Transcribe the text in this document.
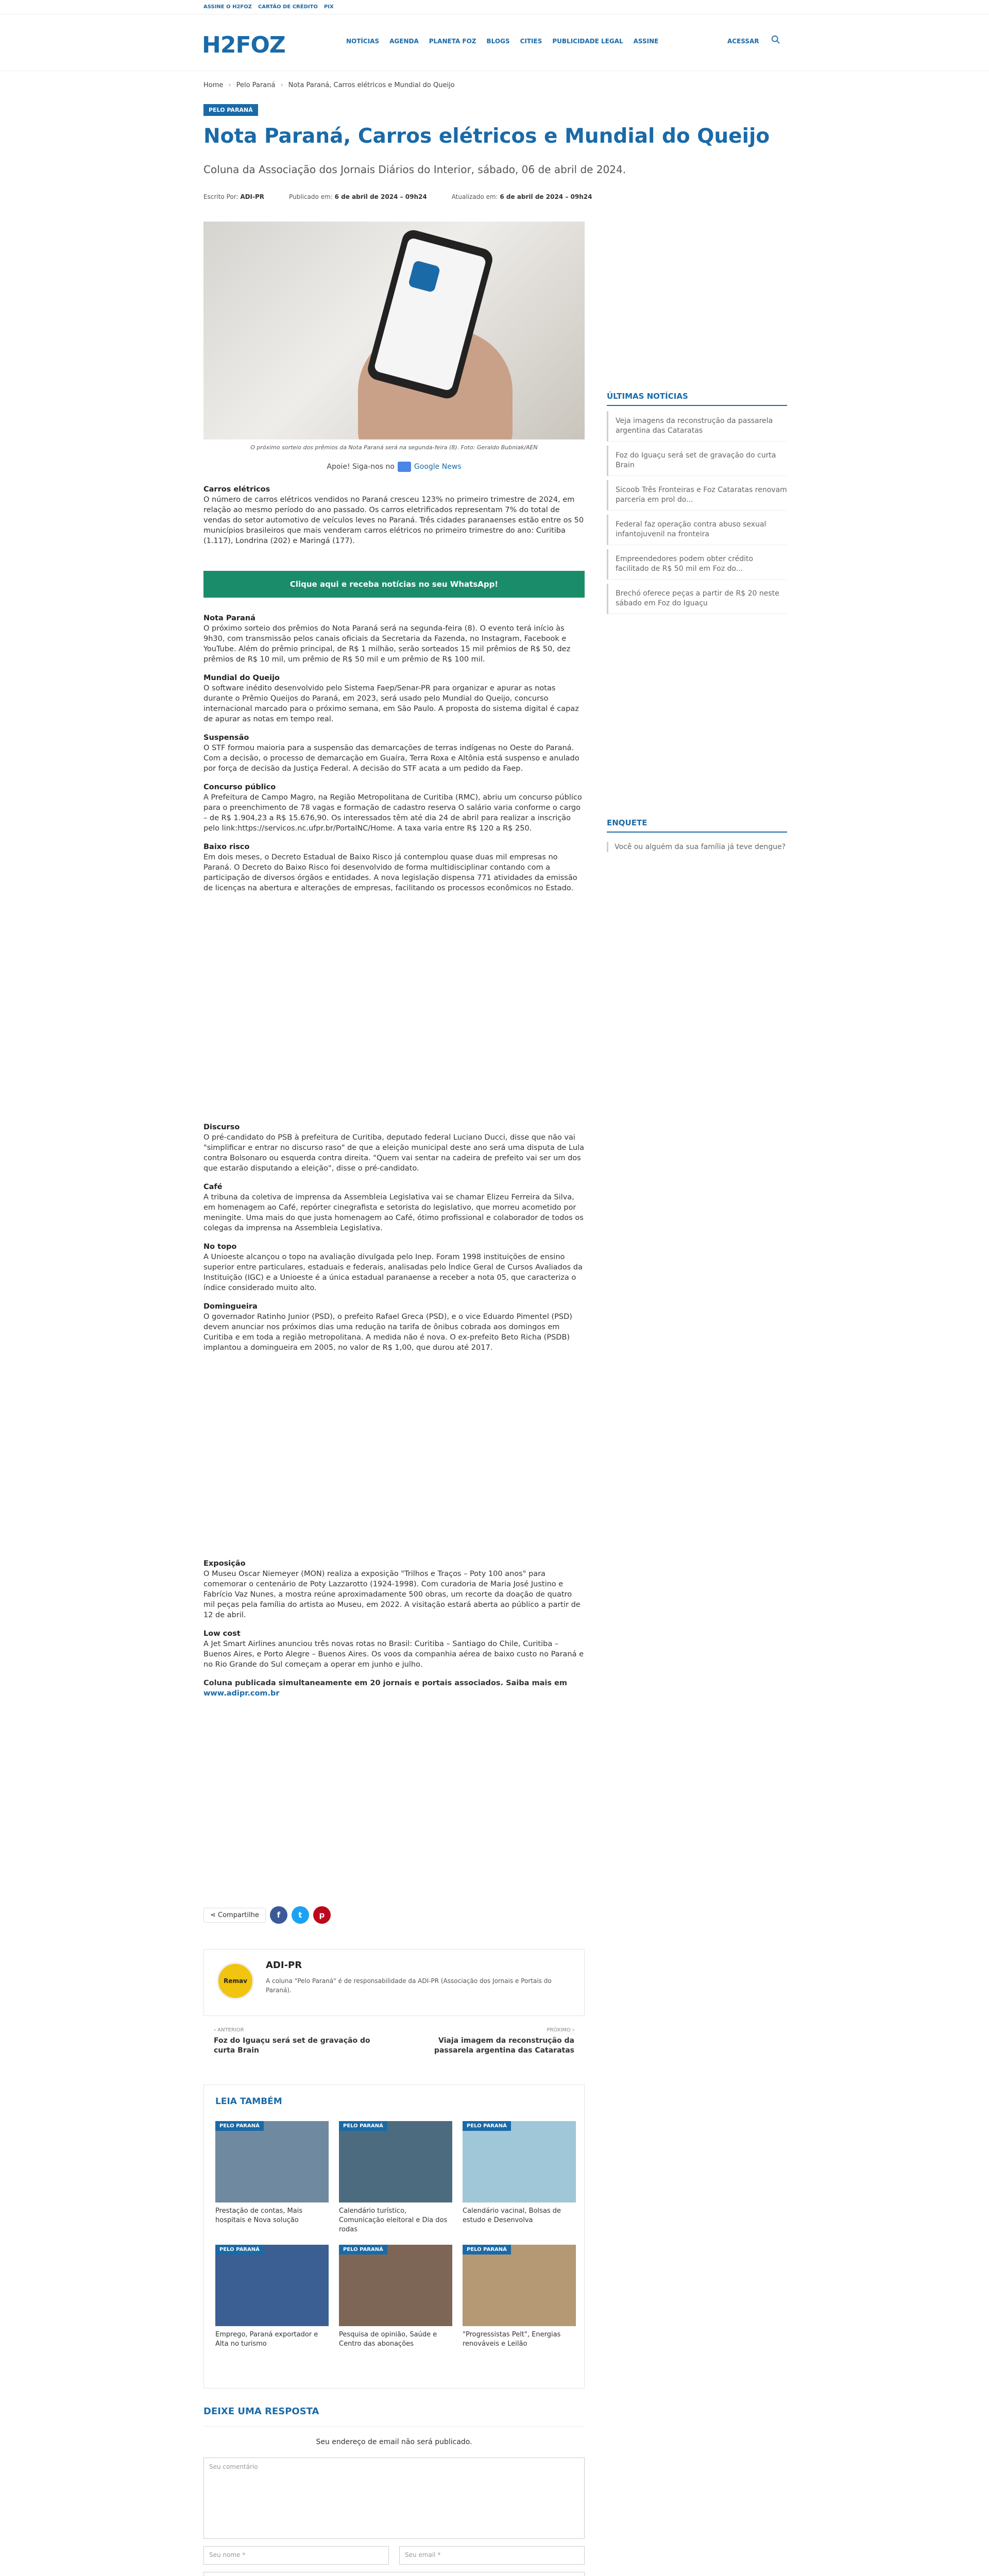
ASSINE O H2FOZ CARTÃO DE CRÉDITO PIX
H2FOZ	NOTÍCIAS AGENDA PLANETA FOZ BLOGS CITIES PUBLICIDADE LEGAL ASSINE	ACESSAR
Home › Pelo Paraná › Nota Paraná, Carros elétricos e Mundial do Queijo
PELO PARANÁ
Nota Paraná, Carros elétricos e Mundial do Queijo
Coluna da Associação dos Jornais Diários do Interior, sábado, 06 de abril de 2024.
Escrito Por: ADI-PR	Publicado em: 6 de abril de 2024 – 09h24	Atualizado em: 6 de abril de 2024 – 09h24
O próximo sorteio dos prêmios da Nota Paraná será na segunda-feira (8). Foto: Geraldo Bubniak/AEN
Apoie! Siga-nos no	Google News
Carros elétricos

O número de carros elétricos vendidos no Paraná cresceu 123% no primeiro trimestre de 2024, em relação ao mesmo período do ano passado. Os carros eletrificados representam 7% do total de vendas do setor automotivo de veículos leves no Paraná. Três cidades paranaenses estão entre os 50 municípios brasileiros que mais venderam carros elétricos no primeiro trimestre do ano: Curitiba (1.117), Londrina (202) e Maringá (177).

Clique aqui e receba notícias no seu WhatsApp!
Nota Paraná

O próximo sorteio dos prêmios do Nota Paraná será na segunda-feira (8). O evento terá início às 9h30, com transmissão pelos canais oficiais da Secretaria da Fazenda, no Instagram, Facebook e YouTube. Além do prêmio principal, de R$ 1 milhão, serão sorteados 15 mil prêmios de R$ 50, dez prêmios de R$ 10 mil, um prêmio de R$ 50 mil e um prêmio de R$ 100 mil.

Mundial do Queijo

O software inédito desenvolvido pelo Sistema Faep/Senar-PR para organizar e apurar as notas durante o Prêmio Queijos do Paraná, em 2023, será usado pelo Mundial do Queijo, concurso internacional marcado para o próximo semana, em São Paulo. A proposta do sistema digital é capaz de apurar as notas em tempo real.

Suspensão

O STF formou maioria para a suspensão das demarcações de terras indígenas no Oeste do Paraná. Com a decisão, o processo de demarcação em Guaíra, Terra Roxa e Altônia está suspenso e anulado por força de decisão da Justiça Federal. A decisão do STF acata a um pedido da Faep.

Concurso público

A Prefeitura de Campo Magro, na Região Metropolitana de Curitiba (RMC), abriu um concurso público para o preenchimento de 78 vagas e formação de cadastro reserva O salário varia conforme o cargo – de R$ 1.904,23 a R$ 15.676,90. Os interessados têm até dia 24 de abril para realizar a inscrição pelo link:https://servicos.nc.ufpr.br/PortalNC/Home. A taxa varia entre R$ 120 a R$ 250.

Baixo risco

Em dois meses, o Decreto Estadual de Baixo Risco já contemplou quase duas mil empresas no Paraná. O Decreto do Baixo Risco foi desenvolvido de forma multidisciplinar contando com a participação de diversos órgãos e entidades. A nova legislação dispensa 771 atividades da emissão de licenças na abertura e alterações de empresas, facilitando os processos econômicos no Estado.

Discurso

O pré-candidato do PSB à prefeitura de Curitiba, deputado federal Luciano Ducci, disse que não vai "simplificar e entrar no discurso raso" de que a eleição municipal deste ano será uma disputa de Lula contra Bolsonaro ou esquerda contra direita. "Quem vai sentar na cadeira de prefeito vai ser um dos que estarão disputando a eleição", disse o pré-candidato.

Café

A tribuna da coletiva de imprensa da Assembleia Legislativa vai se chamar Elizeu Ferreira da Silva, em homenagem ao Café, repórter cinegrafista e setorista do legislativo, que morreu acometido por meningite. Uma mais do que justa homenagem ao Café, ótimo profissional e colaborador de todos os colegas da imprensa na Assembleia Legislativa.

No topo

A Unioeste alcançou o topo na avaliação divulgada pelo Inep. Foram 1998 instituições de ensino superior entre particulares, estaduais e federais, analisadas pelo Índice Geral de Cursos Avaliados da Instituição (IGC) e a Unioeste é a única estadual paranaense a receber a nota 05, que caracteriza o índice considerado muito alto.

Domingueira

O governador Ratinho Junior (PSD), o prefeito Rafael Greca (PSD), e o vice Eduardo Pimentel (PSD) devem anunciar nos próximos dias uma redução na tarifa de ônibus cobrada aos domingos em Curitiba e em toda a região metropolitana. A medida não é nova. O ex-prefeito Beto Richa (PSDB) implantou a domingueira em 2005, no valor de R$ 1,00, que durou até 2017.

Exposição

O Museu Oscar Niemeyer (MON) realiza a exposição "Trilhos e Traços – Poty 100 anos" para comemorar o centenário de Poty Lazzarotto (1924-1998). Com curadoria de Maria José Justino e Fabrício Vaz Nunes, a mostra reúne aproximadamente 500 obras, um recorte da doação de quatro mil peças pela família do artista ao Museu, em 2022. A visitação estará aberta ao público a partir de 12 de abril.

Low cost

A Jet Smart Airlines anunciou três novas rotas no Brasil: Curitiba – Santiago do Chile, Curitiba – Buenos Aires, e Porto Alegre – Buenos Aires. Os voos da companhia aérea de baixo custo no Paraná e no Rio Grande do Sul começam a operar em junho e julho.

Coluna publicada simultaneamente em 20 jornais e portais associados. Saiba mais em www.adipr.com.br

⋖ Compartilhe	f	t	p
Remav
ADI-PR
A coluna "Pelo Paraná" é de responsabilidade da ADI-PR (Associação dos Jornais e Portais do Paraná).
‹ ANTERIOR
Foz do Iguaçu será set de gravação do curta Brain
PRÓXIMO ›
Viaja imagem da reconstrução da passarela argentina das Cataratas
LEIA TAMBÉM
PELO PARANÁ
Prestação de contas, Mais hospitais e Nova solução
PELO PARANÁ
Calendário turístico, Comunicação eleitoral e Dia dos rodas
PELO PARANÁ
Calendário vacinal, Bolsas de estudo e Desenvolva
PELO PARANÁ
Emprego, Paraná exportador e Alta no turismo
PELO PARANÁ
Pesquisa de opinião, Saúde e Centro das abonações
PELO PARANÁ
"Progressistas Pelt", Energias renováveis e Leilão
DEIXE UMA RESPOSTA
Seu endereço de email não será publicado.
Seu comentário
Seu nome *	Seu email *
ÚLTIMAS NOTÍCIAS
Veja imagens da reconstrução da passarela argentina das Cataratas
Foz do Iguaçu será set de gravação do curta Brain
Sicoob Três Fronteiras e Foz Cataratas renovam parceria em prol do...
Federal faz operação contra abuso sexual infantojuvenil na fronteira
Empreendedores podem obter crédito facilitado de R$ 50 mil em Foz do...
Brechó oferece peças a partir de R$ 20 neste sábado em Foz do Iguaçu
ENQUETE
Você ou alguém da sua família já teve dengue?
